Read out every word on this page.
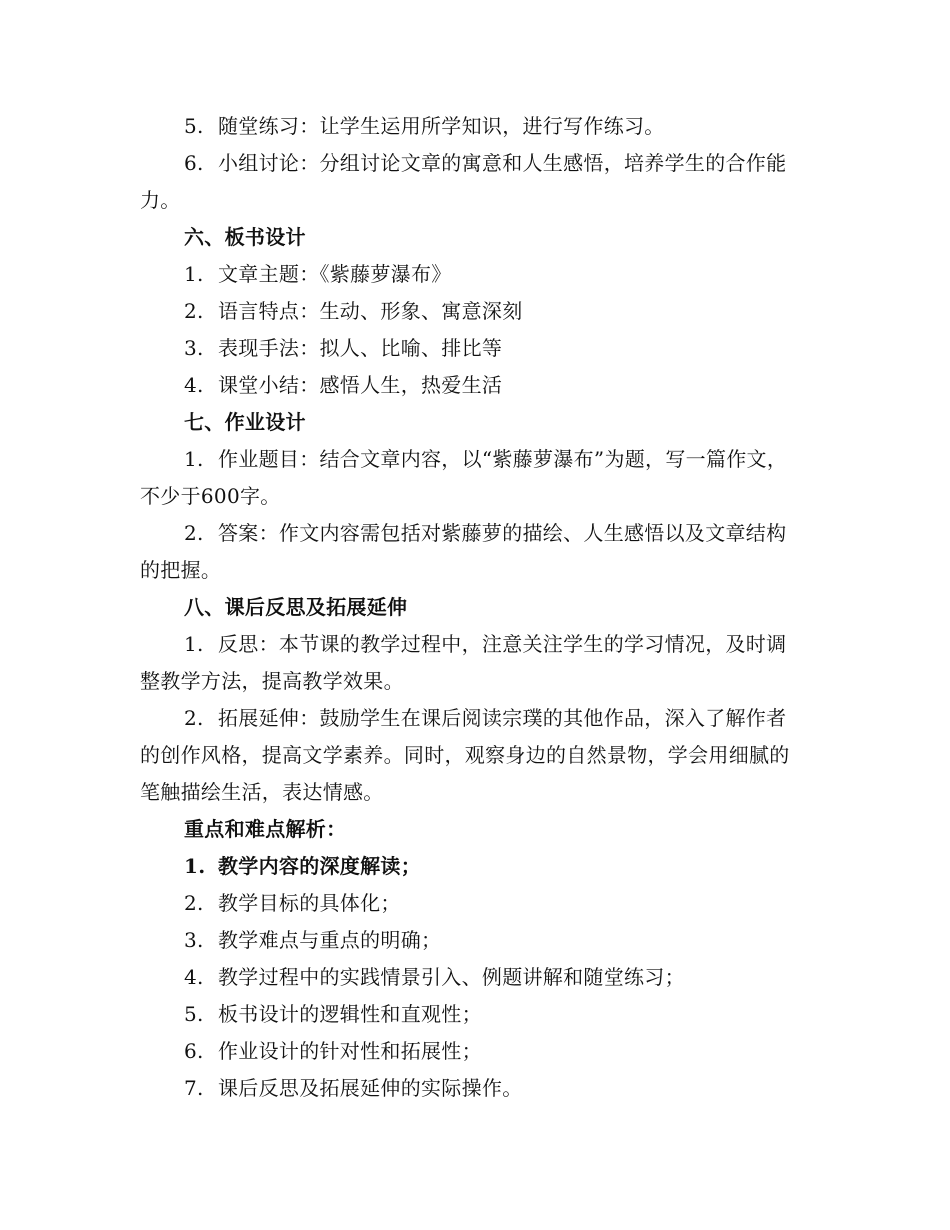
5. 随堂练习：让学生运用所学知识，进行写作练习。

6. 小组讨论：分组讨论文章的寓意和人生感悟，培养学生的合作能力。

六、板书设计

1. 文章主题：《紫藤萝瀑布》

2. 语言特点：生动、形象、寓意深刻

3. 表现手法：拟人、比喻、排比等

4. 课堂小结：感悟人生，热爱生活

七、作业设计

1. 作业题目：结合文章内容，以“紫藤萝瀑布”为题，写一篇作文，不少于600字。

2. 答案：作文内容需包括对紫藤萝的描绘、人生感悟以及文章结构的把握。

八、课后反思及拓展延伸

1. 反思：本节课的教学过程中，注意关注学生的学习情况，及时调整教学方法，提高教学效果。

2. 拓展延伸：鼓励学生在课后阅读宗璞的其他作品，深入了解作者的创作风格，提高文学素养。同时，观察身边的自然景物，学会用细腻的笔触描绘生活，表达情感。

重点和难点解析：

1. 教学内容的深度解读；

2. 教学目标的具体化；

3. 教学难点与重点的明确；

4. 教学过程中的实践情景引入、例题讲解和随堂练习；

5. 板书设计的逻辑性和直观性；

6. 作业设计的针对性和拓展性；

7. 课后反思及拓展延伸的实际操作。
